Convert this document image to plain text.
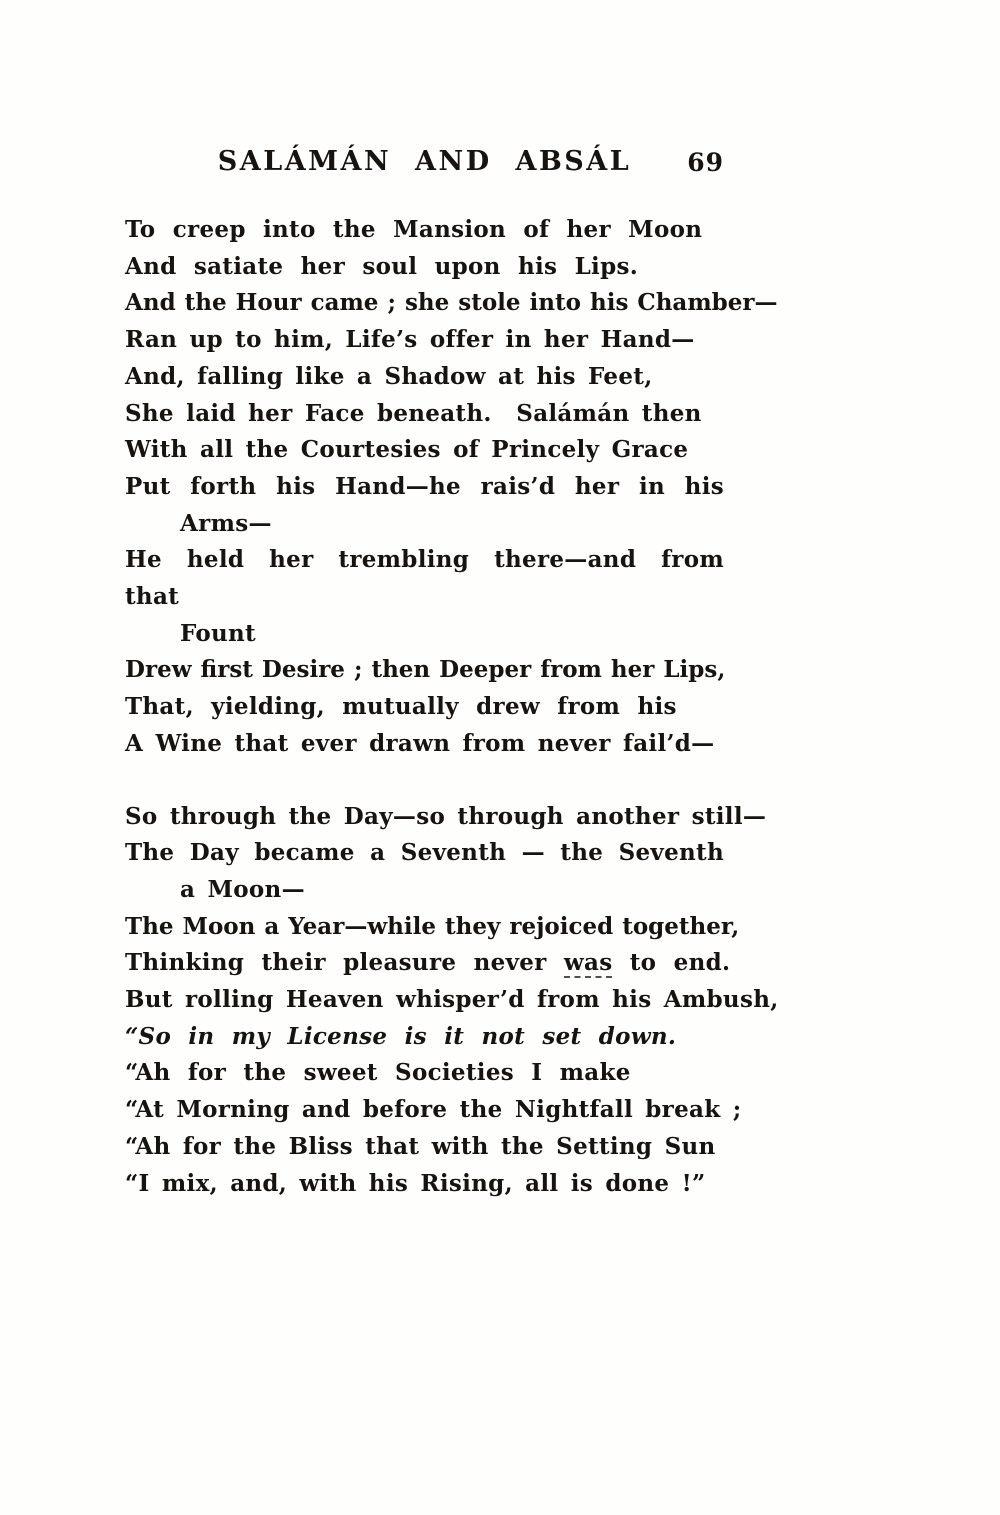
SALÁMÁN AND ABSÁL	69
To creep into the Mansion of her Moon
And satiate her soul upon his Lips.
And the Hour came ; she stole into his Chamber—
Ran up to him, Life’s offer in her Hand—
And, falling like a Shadow at his Feet,
She laid her Face beneath.  Salámán then
With all the Courtesies of Princely Grace
Put forth his Hand—he rais’d her in his
Arms—
He held her trembling there—and from that
Fount
Drew first Desire ; then Deeper from her Lips,
That, yielding, mutually drew from his
A Wine that ever drawn from never fail’d—
So through the Day—so through another still—
The Day became a Seventh — the Seventh
a Moon—
The Moon a Year—while they rejoiced together,
Thinking their pleasure never was to end.
But rolling Heaven whisper’d from his Ambush,
“So in my License is it not set down.
“Ah for the sweet Societies I make
“At Morning and before the Nightfall break ;
“Ah for the Bliss that with the Setting Sun
“I mix, and, with his Rising, all is done !”
